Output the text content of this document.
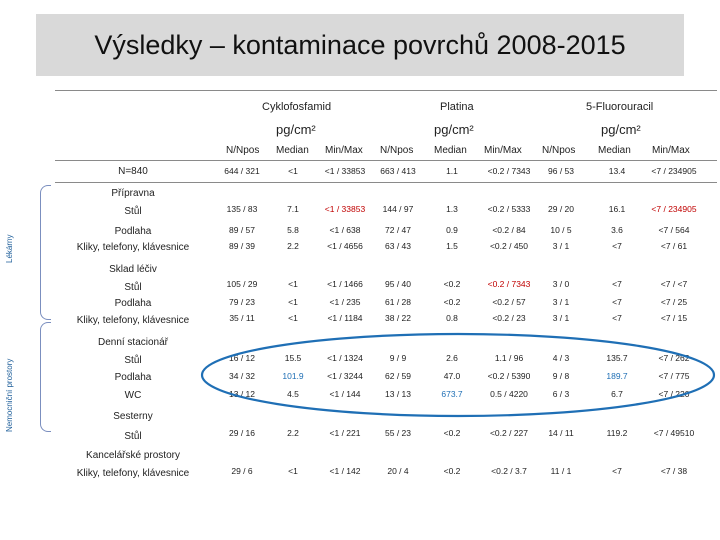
Výsledky – kontaminace povrchů 2008-2015
Cyklofosfamid
pg/cm²
Platina
pg/cm²
5-Fluorouracil
pg/cm²
N/Npos Median Min/Max N/Npos Median Min/Max N/Npos Median Min/Max
Lékárny
Nemocniční prostory
Přípravna
Sklad léčiv
Denní stacionář
Sesterny
Kancelářské prostory
N=840	644 / 321	<1	<1 / 33853	663 / 413	1.1	<0.2 / 7343	96 / 53	13.4	<7 / 234905
Stůl	135 / 83	7.1	<1 / 33853	144 / 97	1.3	<0.2 / 5333	29 / 20	16.1	<7 / 234905
Podlaha	89 / 57	5.8	<1 / 638	72 / 47	0.9	<0.2 / 84	10 / 5	3.6	<7 / 564
Kliky, telefony, klávesnice	89 / 39	2.2	<1 / 4656	63 / 43	1.5	<0.2 / 450	3 / 1	<7	<7 / 61
Stůl	105 / 29	<1	<1 / 1466	95 / 40	<0.2	<0.2 / 7343	3 / 0	<7	<7 / <7
Podlaha	79 / 23	<1	<1 / 235	61 / 28	<0.2	<0.2 / 57	3 / 1	<7	<7 / 25
Kliky, telefony, klávesnice	35 / 11	<1	<1 / 1184	38 / 22	0.8	<0.2 / 23	3 / 1	<7	<7 / 15
Stůl	16 / 12	15.5	<1 / 1324	9 / 9	2.6	1.1 / 96	4 / 3	135.7	<7 / 262
Podlaha	34 / 32	101.9	<1 / 3244	62 / 59	47.0	<0.2 / 5390	9 / 8	189.7	<7 / 775
WC	13 / 12	4.5	<1 / 144	13 / 13	673.7	0.5 / 4220	6 / 3	6.7	<7 / 220
Stůl	29 / 16	2.2	<1 / 221	55 / 23	<0.2	<0.2 / 227	14 / 11	119.2	<7 / 49510
Kliky, telefony, klávesnice	29 / 6	<1	<1 / 142	20 / 4	<0.2	<0.2 / 3.7	11 / 1	<7	<7 / 38
